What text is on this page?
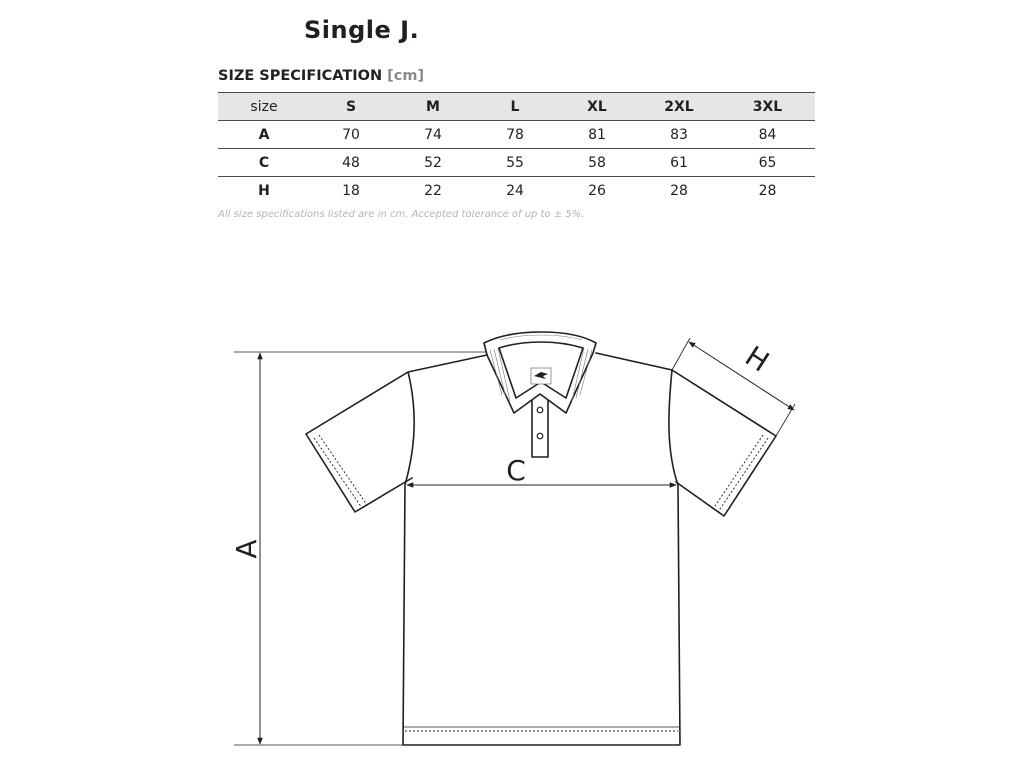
Single J.
SIZE SPECIFICATION [cm]
size	S	M	L	XL	2XL	3XL
A	70	74	78	81	83	84
C	48	52	55	58	61	65
H	18	22	24	26	28	28
All size specifications listed are in cm. Accepted tolerance of up to ± 5%.
A
C
H
